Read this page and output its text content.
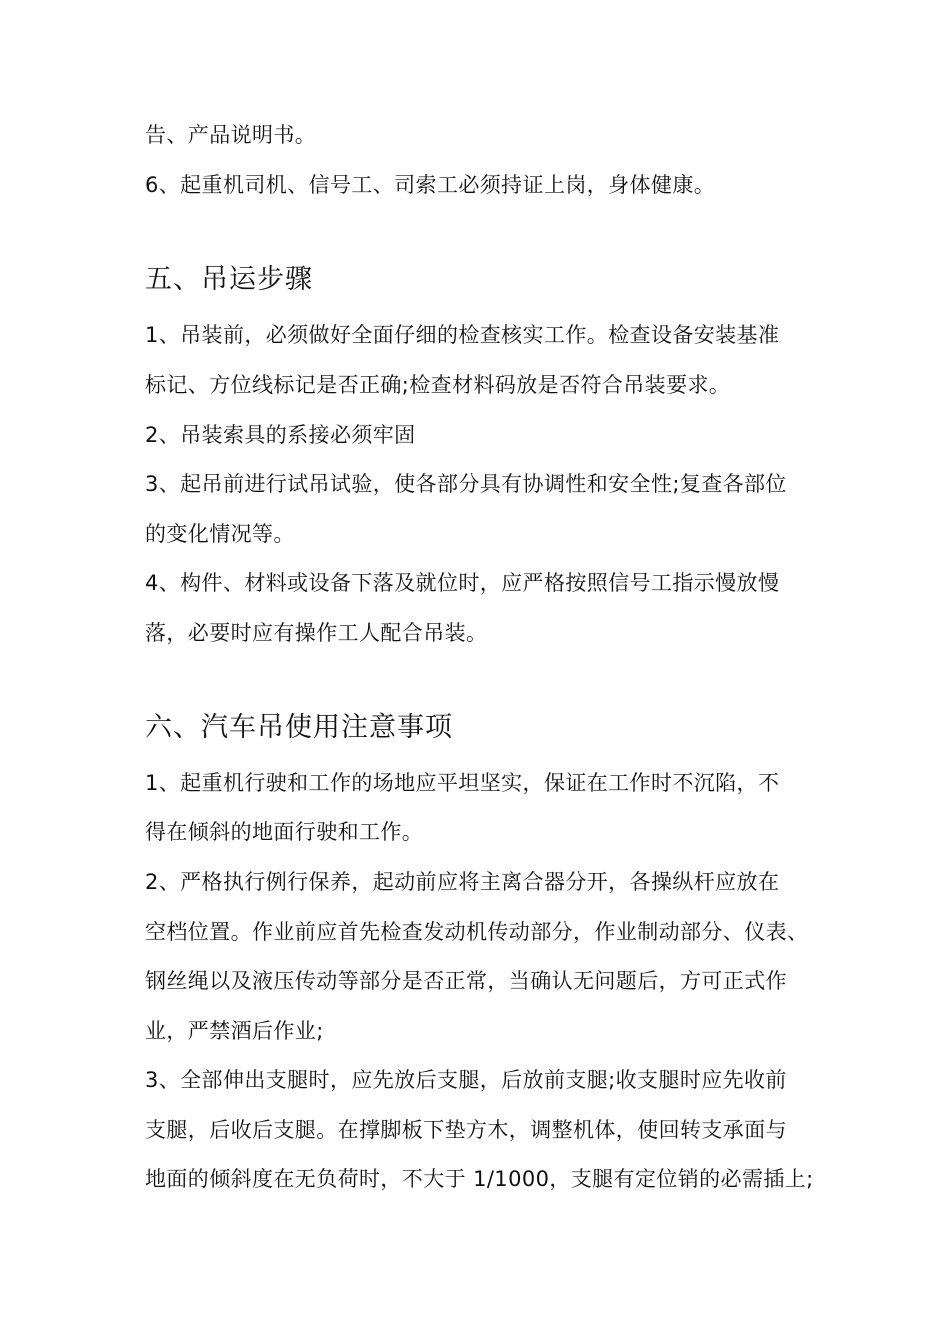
告、产品说明书。
6、起重机司机、信号工、司索工必须持证上岗，身体健康。
五、吊运步骤
1、吊装前，必须做好全面仔细的检查核实工作。检查设备安装基准
标记、方位线标记是否正确;检查材料码放是否符合吊装要求。
2、吊装索具的系接必须牢固
3、起吊前进行试吊试验，使各部分具有协调性和安全性;复查各部位
的变化情况等。
4、构件、材料或设备下落及就位时，应严格按照信号工指示慢放慢
落，必要时应有操作工人配合吊装。
六、汽车吊使用注意事项
1、起重机行驶和工作的场地应平坦坚实，保证在工作时不沉陷，不
得在倾斜的地面行驶和工作。
2、严格执行例行保养，起动前应将主离合器分开，各操纵杆应放在
空档位置。作业前应首先检查发动机传动部分，作业制动部分、仪表、
钢丝绳以及液压传动等部分是否正常，当确认无问题后，方可正式作
业，严禁酒后作业;
3、全部伸出支腿时，应先放后支腿，后放前支腿;收支腿时应先收前
支腿，后收后支腿。在撑脚板下垫方木，调整机体，使回转支承面与
地面的倾斜度在无负荷时，不大于 1/1000，支腿有定位销的必需插上;
